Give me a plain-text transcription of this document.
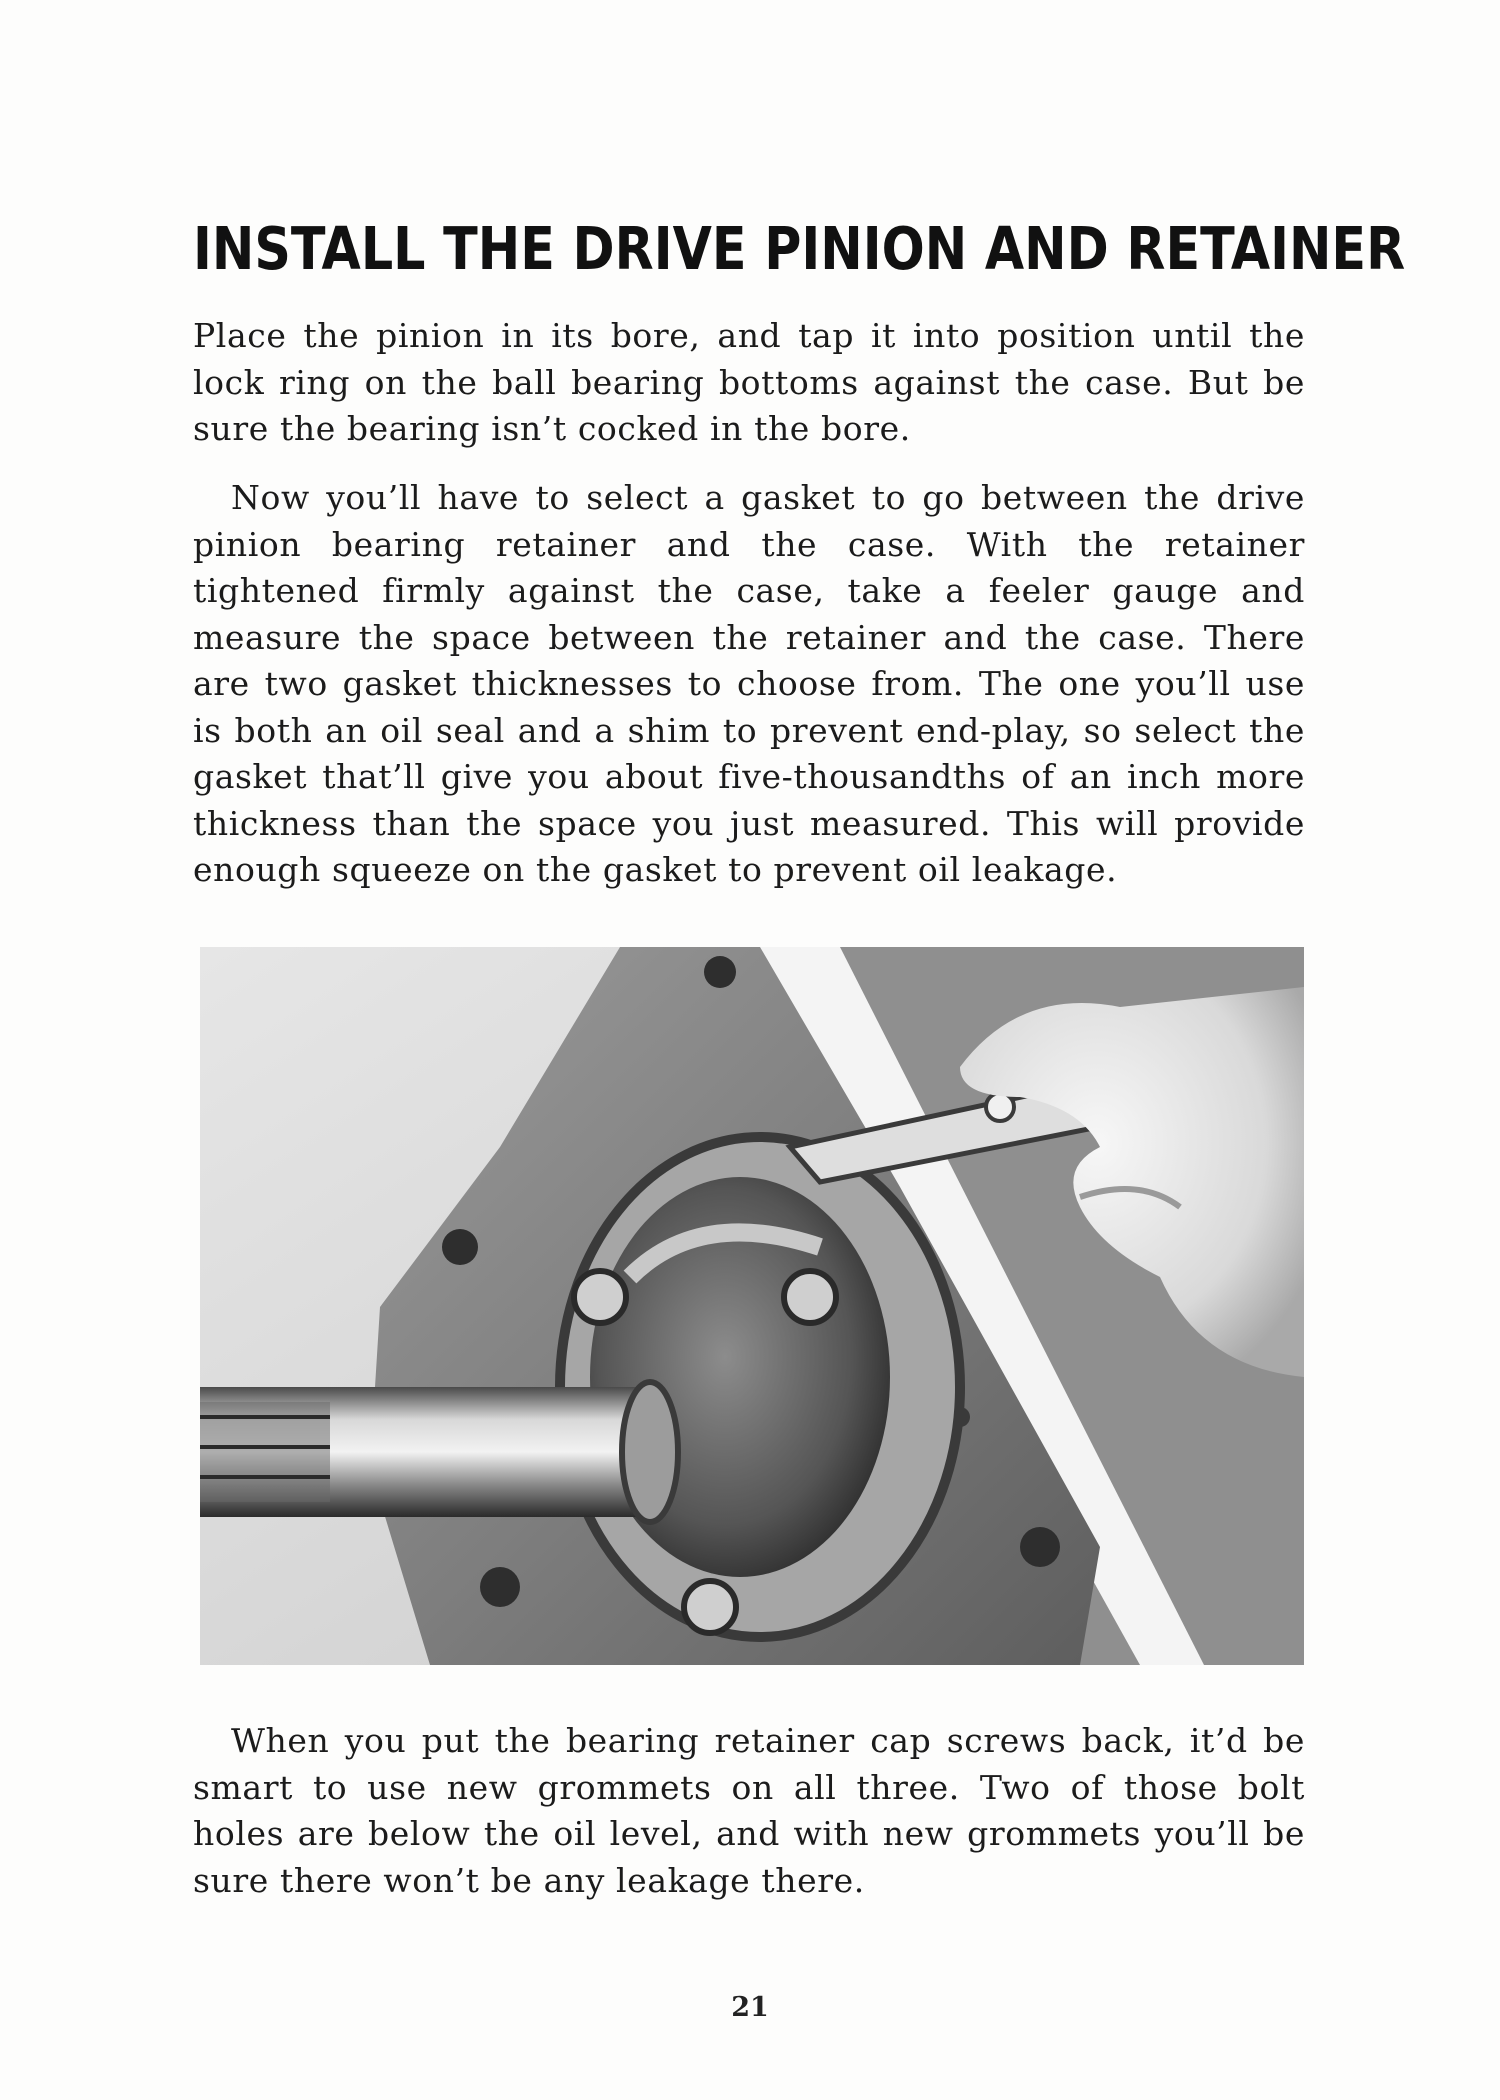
INSTALL THE DRIVE PINION AND RETAINER

Place the pinion in its bore, and tap it into position until the lock ring on the ball bearing bottoms against the case. But be sure the bearing isn’t cocked in the bore.

Now you’ll have to select a gasket to go between the drive pinion bearing retainer and the case. With the retainer tightened firmly against the case, take a feeler gauge and measure the space between the retainer and the case. There are two gasket thicknesses to choose from. The one you’ll use is both an oil seal and a shim to prevent end-play, so select the gasket that’ll give you about five-thousandths of an inch more thickness than the space you just measured. This will provide enough squeeze on the gasket to prevent oil leakage.

When you put the bearing retainer cap screws back, it’d be smart to use new grommets on all three. Two of those bolt holes are below the oil level, and with new grommets you’ll be sure there won’t be any leakage there.

21
